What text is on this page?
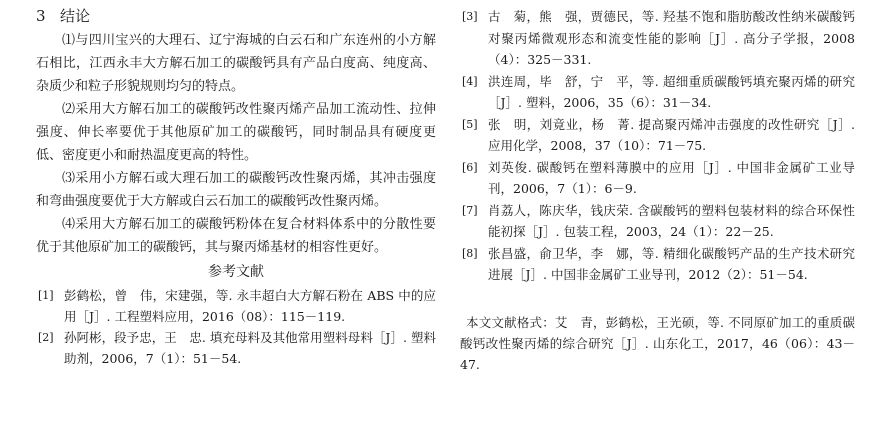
3 结论

⑴与四川宝兴的大理石、辽宁海城的白云石和广东连州的小方解石相比，江西永丰大方解石加工的碳酸钙具有产品白度高、纯度高、杂质少和粒子形貌规则均匀的特点。

⑵采用大方解石加工的碳酸钙改性聚丙烯产品加工流动性、拉伸强度、伸长率要优于其他原矿加工的碳酸钙，同时制品具有硬度更低、密度更小和耐热温度更高的特性。

⑶采用小方解石或大理石加工的碳酸钙改性聚丙烯，其冲击强度和弯曲强度要优于大方解或白云石加工的碳酸钙改性聚丙烯。

⑷采用大方解石加工的碳酸钙粉体在复合材料体系中的分散性要优于其他原矿加工的碳酸钙，其与聚丙烯基材的相容性更好。

参考文献

[1] 彭鹤松，曾　伟，宋建强，等. 永丰超白大方解石粉在 ABS 中的应用［J］. 工程塑料应用，2016（08）：115－119.

[2] 孙阿彬，段予忠，王　忠. 填充母料及其他常用塑料母料［J］. 塑料助剂，2006，7（1）：51－54.

[3] 古　菊，熊　强，贾德民，等. 羟基不饱和脂肪酸改性纳米碳酸钙对聚丙烯微观形态和流变性能的影响［J］. 高分子学报，2008（4）：325－331.

[4] 洪连周，毕　舒，宁　平，等. 超细重质碳酸钙填充聚丙烯的研究［J］. 塑料，2006，35（6）：31－34.

[5] 张　明，刘竟业，杨　菁. 提高聚丙烯冲击强度的改性研究［J］. 应用化学，2008，37（10）：71－75.

[6] 刘英俊. 碳酸钙在塑料薄膜中的应用［J］. 中国非金属矿工业导刊，2006，7（1）：6－9.

[7] 肖荔人，陈庆华，钱庆荣. 含碳酸钙的塑料包装材料的综合环保性能初探［J］. 包装工程，2003，24（1）：22－25.

[8] 张昌盛，俞卫华，李　娜，等. 精细化碳酸钙产品的生产技术研究进展［J］. 中国非金属矿工业导刊，2012（2）：51－54.

本文文献格式：艾　青，彭鹤松，王光硕，等. 不同原矿加工的重质碳酸钙改性聚丙烯的综合研究［J］. 山东化工，2017，46（06）：43－47.
